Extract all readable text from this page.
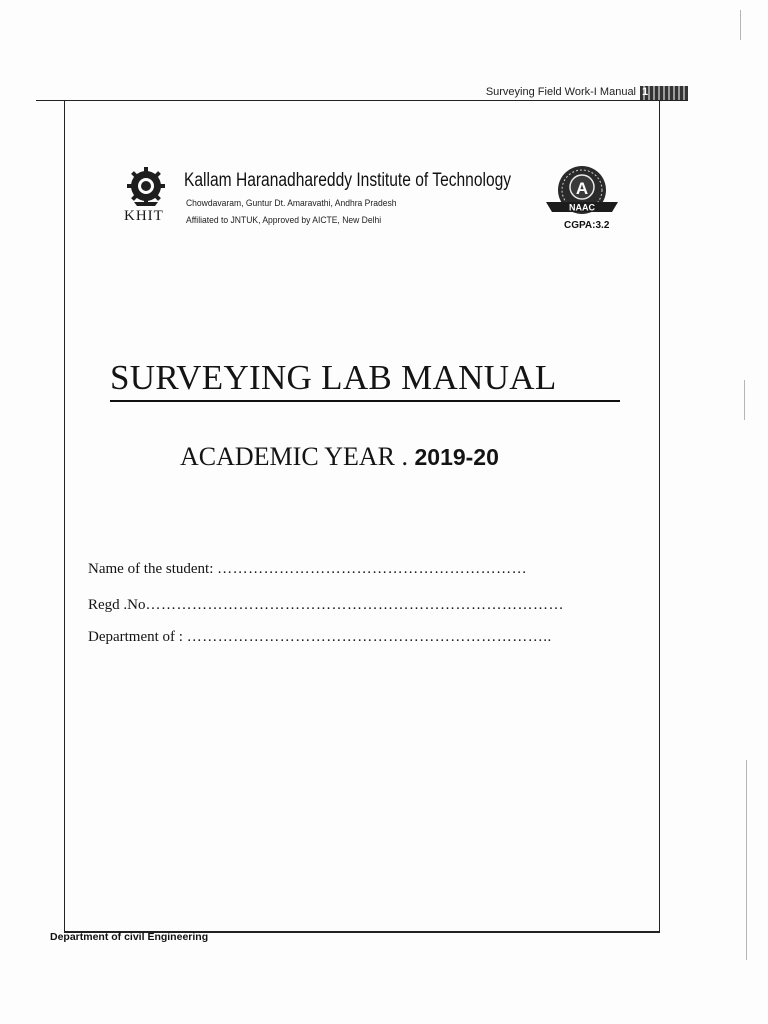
Surveying Field Work-I Manual 1
KHIT
Kallam Haranadhareddy Institute of Technology
Chowdavaram, Guntur Dt. Amaravathi, Andhra Pradesh
Affiliated to JNTUK, Approved by AICTE, New Delhi
A
NAAC
CGPA:3.2
SURVEYING LAB MANUAL
ACADEMIC YEAR . 2019-20
Name of the student: ……………………………………………………
Regd .No………………………………………………………………………
Department of : ……………………………………………………………..
Department of civil Engineering
